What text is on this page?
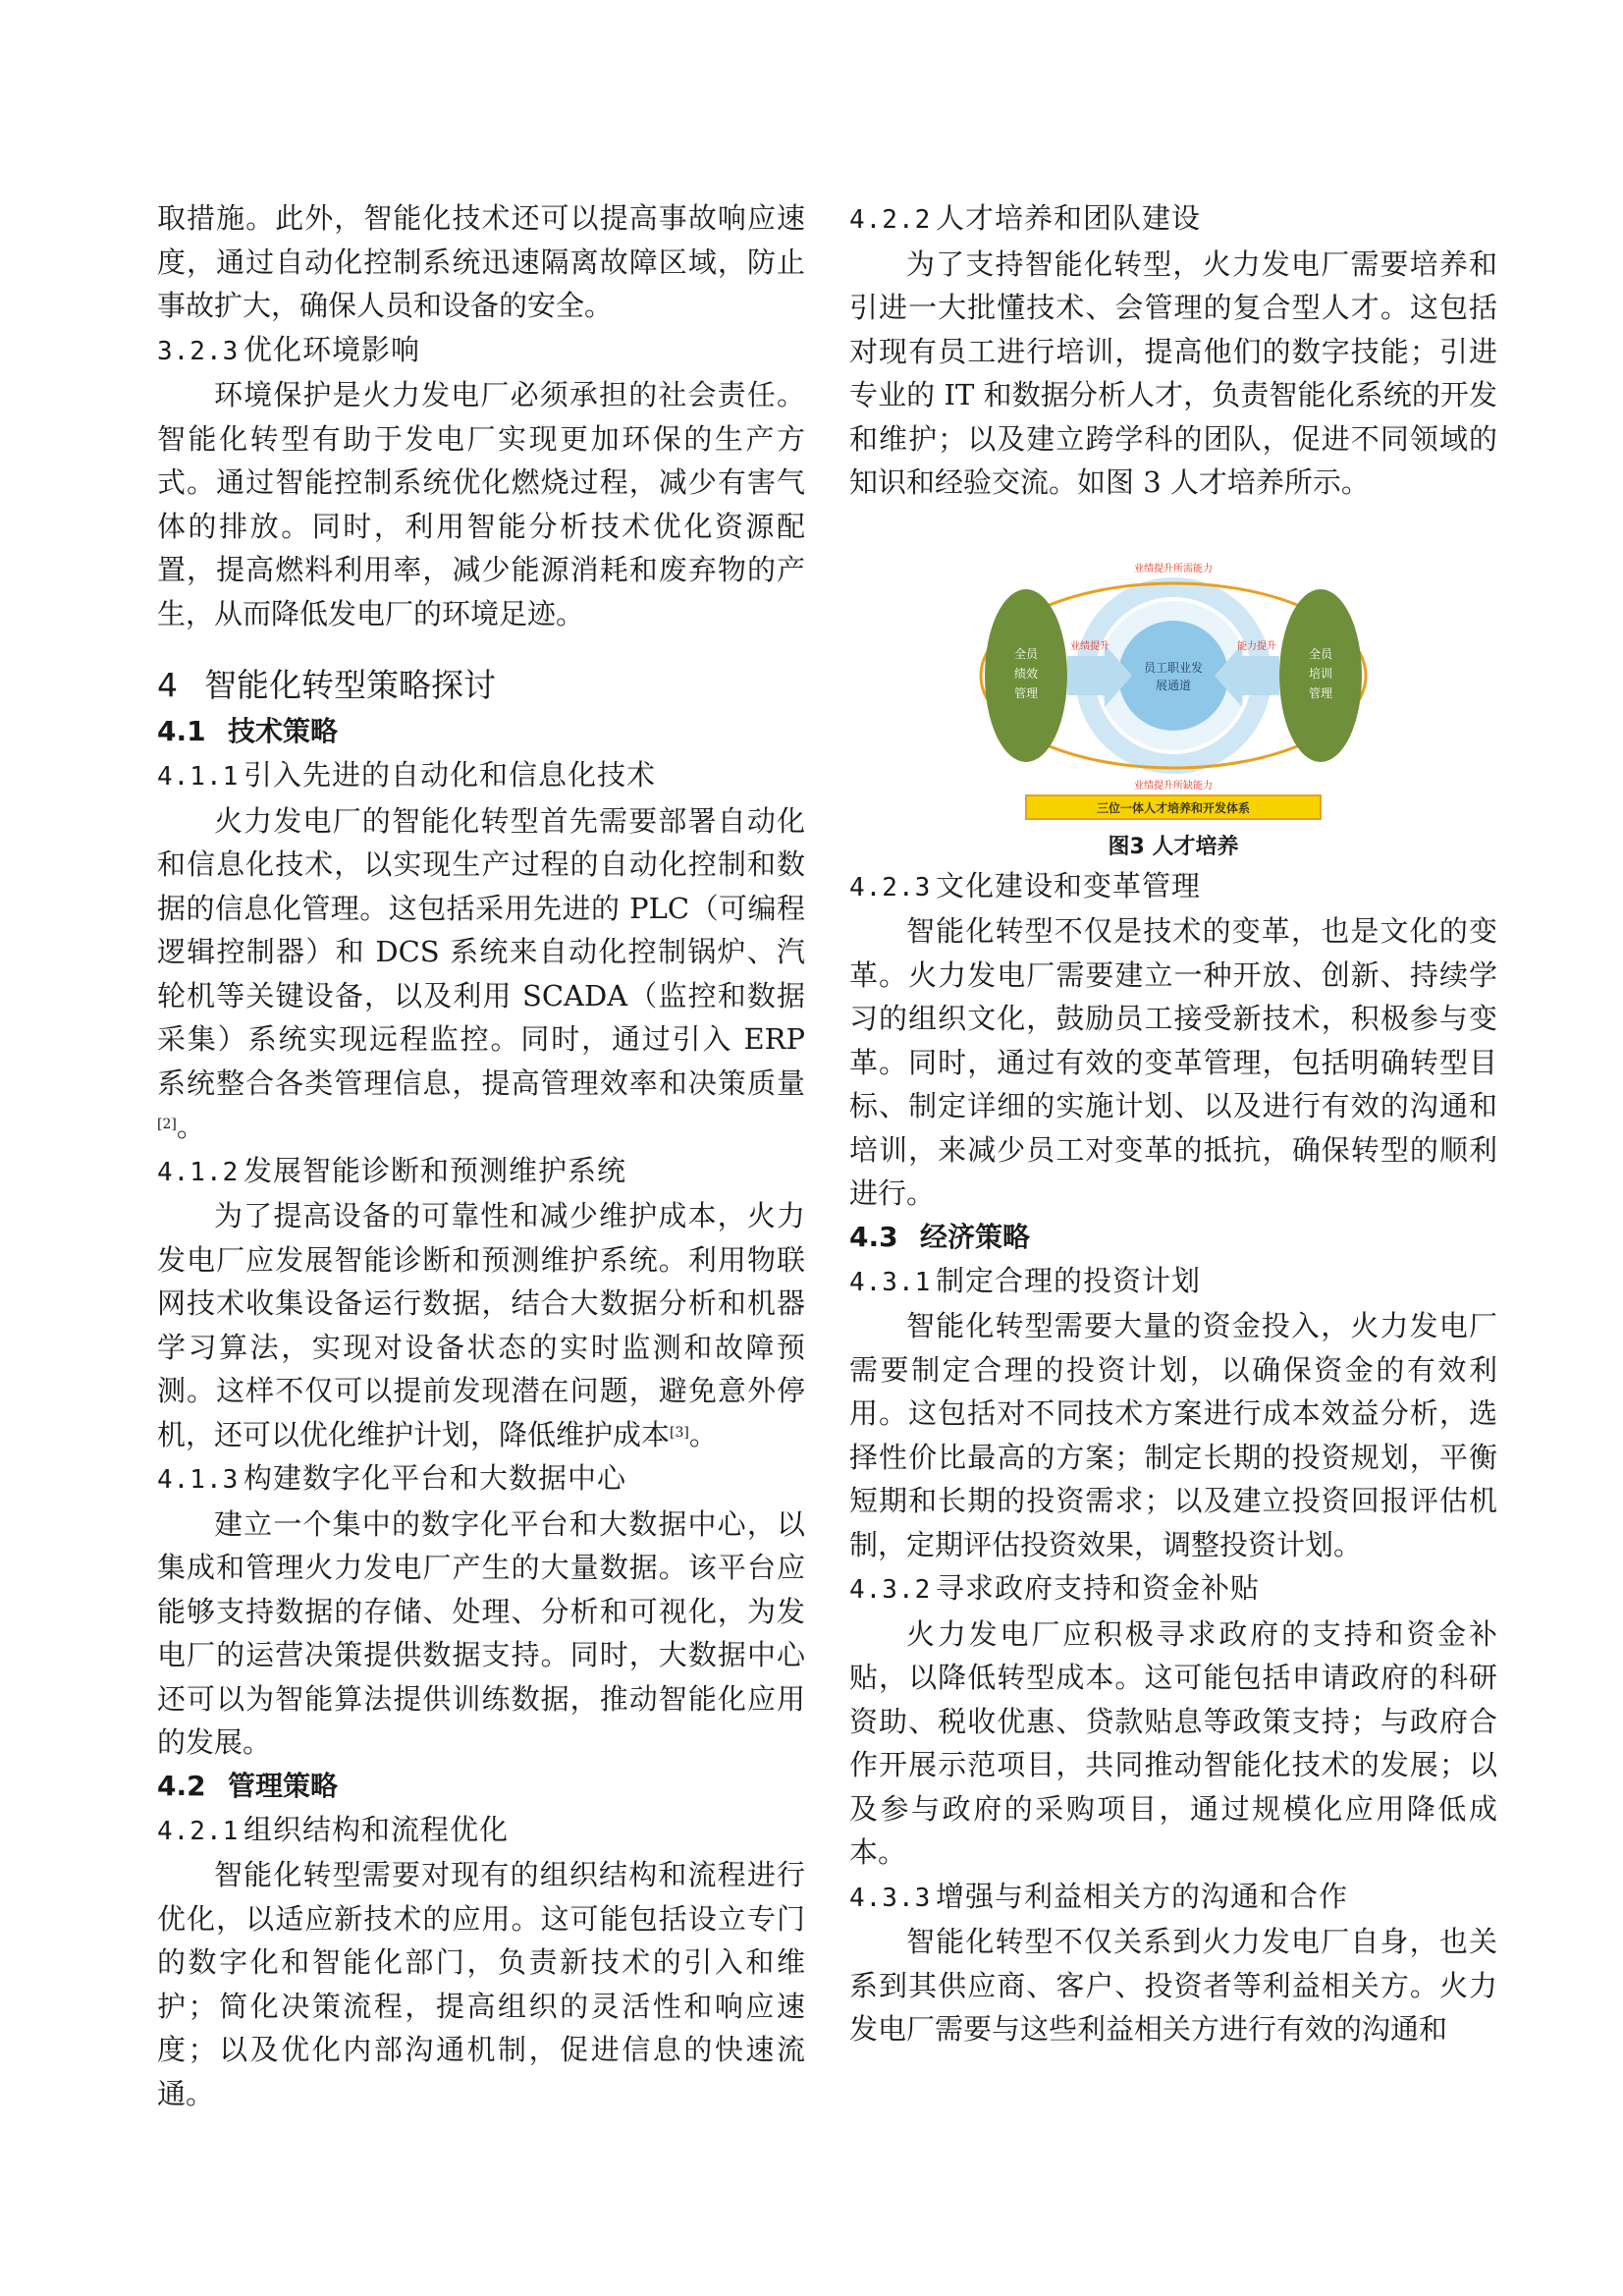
取措施。此外，智能化技术还可以提高事故响应速度，通过自动化控制系统迅速隔离故障区域，防止事故扩大，确保人员和设备的安全。

3.2.3 优化环境影响

环境保护是火力发电厂必须承担的社会责任。智能化转型有助于发电厂实现更加环保的生产方式。通过智能控制系统优化燃烧过程，减少有害气体的排放。同时，利用智能分析技术优化资源配置，提高燃料利用率，减少能源消耗和废弃物的产生，从而降低发电厂的环境足迹。

4 智能化转型策略探讨

4.1 技术策略

4.1.1 引入先进的自动化和信息化技术

火力发电厂的智能化转型首先需要部署自动化和信息化技术，以实现生产过程的自动化控制和数据的信息化管理。这包括采用先进的 PLC（可编程逻辑控制器）和 DCS 系统来自动化控制锅炉、汽轮机等关键设备，以及利用 SCADA（监控和数据采集）系统实现远程监控。同时，通过引入 ERP 系统整合各类管理信息，提高管理效率和决策质量[2]。

4.1.2 发展智能诊断和预测维护系统

为了提高设备的可靠性和减少维护成本，火力发电厂应发展智能诊断和预测维护系统。利用物联网技术收集设备运行数据，结合大数据分析和机器学习算法，实现对设备状态的实时监测和故障预测。这样不仅可以提前发现潜在问题，避免意外停机，还可以优化维护计划，降低维护成本[3]。

4.1.3 构建数字化平台和大数据中心

建立一个集中的数字化平台和大数据中心，以集成和管理火力发电厂产生的大量数据。该平台应能够支持数据的存储、处理、分析和可视化，为发电厂的运营决策提供数据支持。同时，大数据中心还可以为智能算法提供训练数据，推动智能化应用的发展。

4.2 管理策略

4.2.1 组织结构和流程优化

智能化转型需要对现有的组织结构和流程进行优化，以适应新技术的应用。这可能包括设立专门的数字化和智能化部门，负责新技术的引入和维护；简化决策流程，提高组织的灵活性和响应速度；以及优化内部沟通机制，促进信息的快速流通。

4.2.2 人才培养和团队建设

为了支持智能化转型，火力发电厂需要培养和引进一大批懂技术、会管理的复合型人才。这包括对现有员工进行培训，提高他们的数字技能；引进专业的 IT 和数据分析人才，负责智能化系统的开发和维护；以及建立跨学科的团队，促进不同领域的知识和经验交流。如图 3 人才培养所示。

业绩提升所需能力
业绩提升所缺能力
业绩提升	能力提升
全员
绩效
管理
全员
培训
管理
员工职业发
展通道
三位一体人才培养和开发体系

图3 人才培养

4.2.3 文化建设和变革管理

智能化转型不仅是技术的变革，也是文化的变革。火力发电厂需要建立一种开放、创新、持续学习的组织文化，鼓励员工接受新技术，积极参与变革。同时，通过有效的变革管理，包括明确转型目标、制定详细的实施计划、以及进行有效的沟通和培训，来减少员工对变革的抵抗，确保转型的顺利进行。

4.3 经济策略

4.3.1 制定合理的投资计划

智能化转型需要大量的资金投入，火力发电厂需要制定合理的投资计划，以确保资金的有效利用。这包括对不同技术方案进行成本效益分析，选择性价比最高的方案；制定长期的投资规划，平衡短期和长期的投资需求；以及建立投资回报评估机制，定期评估投资效果，调整投资计划。

4.3.2 寻求政府支持和资金补贴

火力发电厂应积极寻求政府的支持和资金补贴，以降低转型成本。这可能包括申请政府的科研资助、税收优惠、贷款贴息等政策支持；与政府合作开展示范项目，共同推动智能化技术的发展；以及参与政府的采购项目，通过规模化应用降低成本。

4.3.3 增强与利益相关方的沟通和合作

智能化转型不仅关系到火力发电厂自身，也关系到其供应商、客户、投资者等利益相关方。火力发电厂需要与这些利益相关方进行有效的沟通和
